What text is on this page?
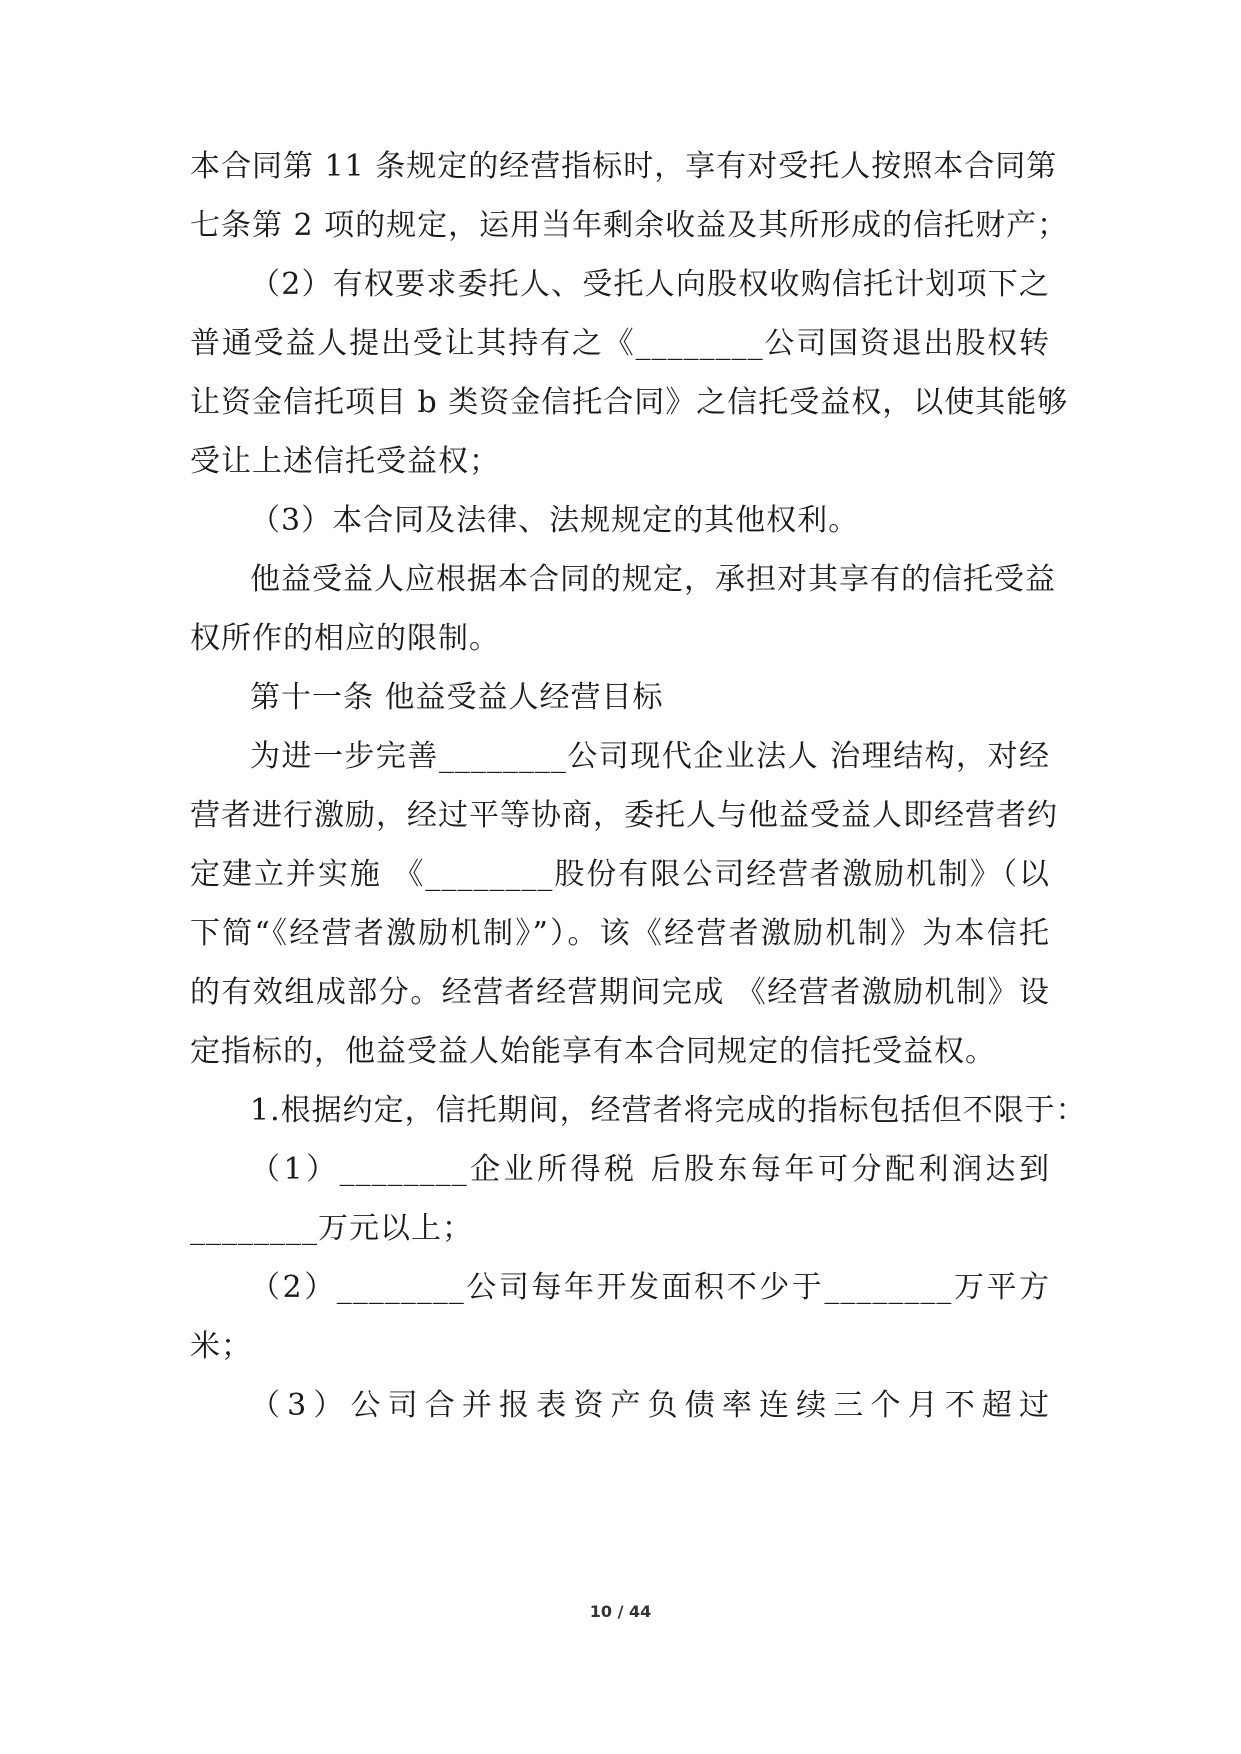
本合同第 11 条规定的经营指标时，享有对受托人按照本合同第
七条第 2 项的规定，运用当年剩余收益及其所形成的信托财产；
（2）有权要求委托人、受托人向股权收购信托计划项下之
普通受益人提出受让其持有之《________公司国资退出股权转
让资金信托项目 b 类资金信托合同》之信托受益权，以使其能够
受让上述信托受益权；
（3）本合同及法律、法规规定的其他权利。
他益受益人应根据本合同的规定，承担对其享有的信托受益
权所作的相应的限制。
第十一条 他益受益人经营目标
为进一步完善________公司现代企业法人 治理结构，对经
营者进行激励，经过平等协商，委托人与他益受益人即经营者约
定建立并实施 《________股份有限公司经营者激励机制》（以
下简“《经营者激励机制》”）。该《经营者激励机制》为本信托
的有效组成部分。经营者经营期间完成 《经营者激励机制》设
定指标的，他益受益人始能享有本合同规定的信托受益权。
1.根据约定，信托期间，经营者将完成的指标包括但不限于：
（1）________企业所得税 后股东每年可分配利润达到
________万元以上；
（2）________公司每年开发面积不少于________万平方
米；
（3）公司合并报表资产负债率连续三个月不超过
10 / 44
